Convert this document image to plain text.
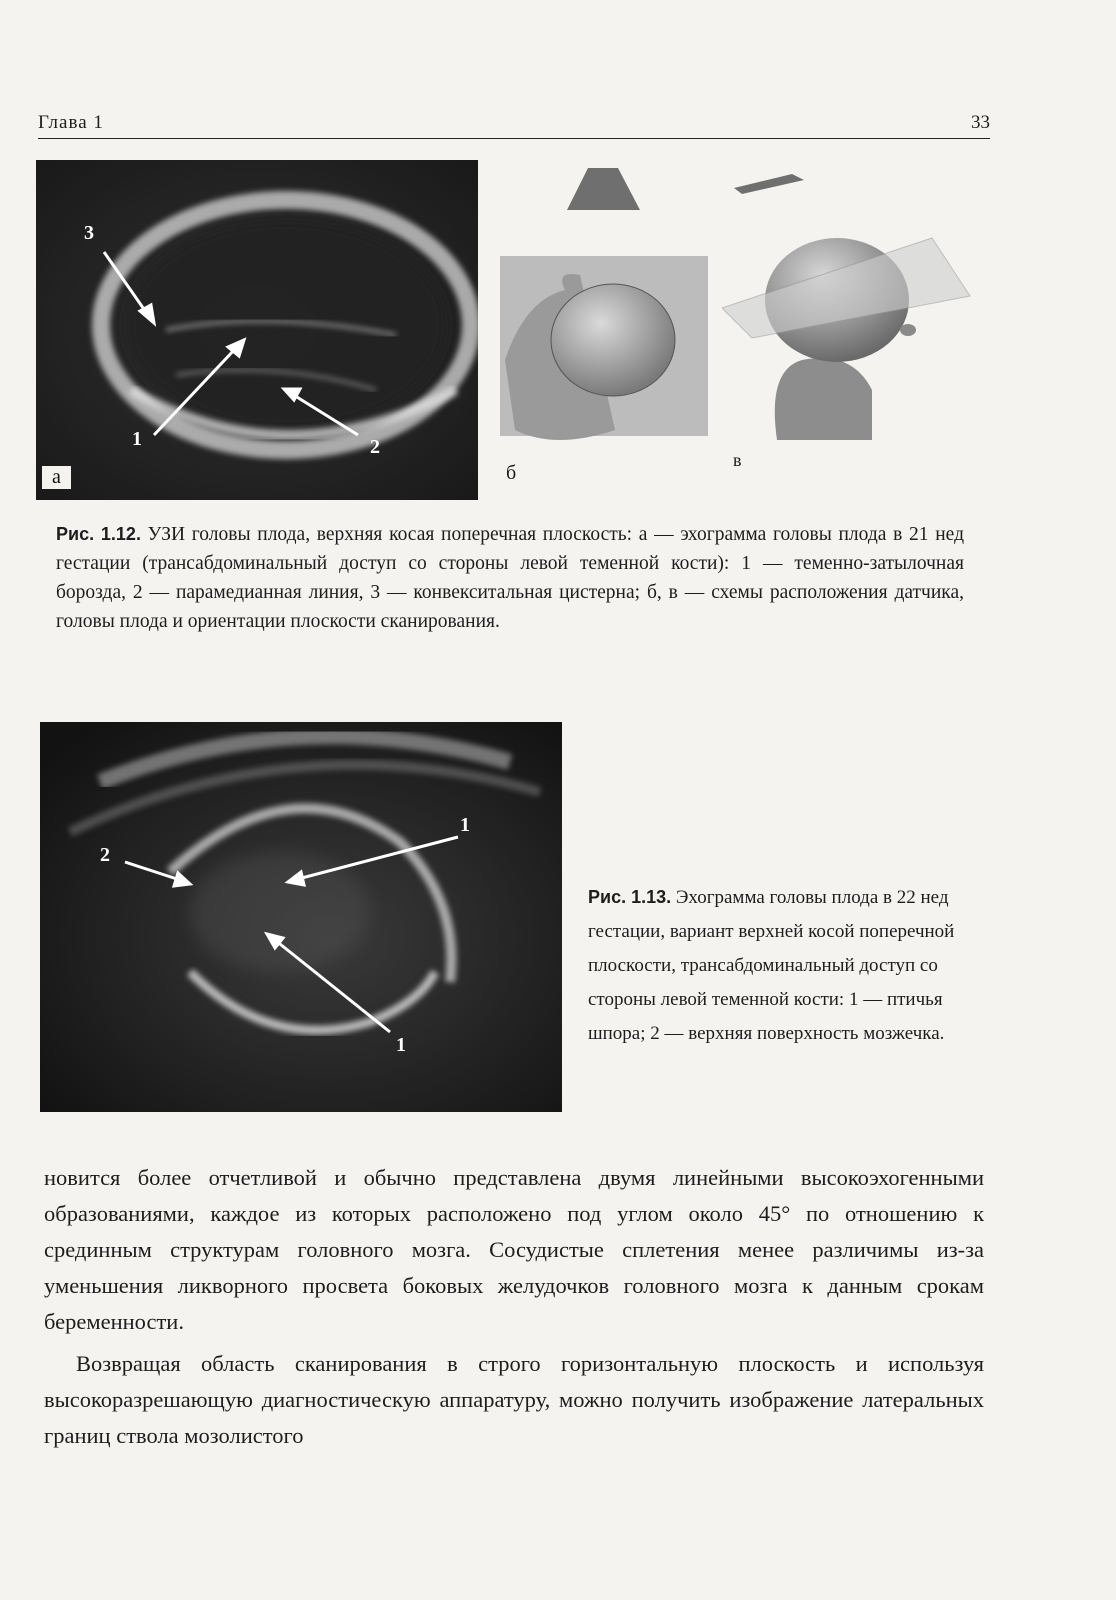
Глава 1	33
3
1	2
а	б
в
Рис. 1.12. УЗИ головы плода, верхняя косая поперечная плоскость: а — эхограмма головы плода в 21 нед гестации (трансабдоминальный доступ со стороны левой теменной кости): 1 — теменно-затылочная борозда, 2 — парамедианная линия, 3 — конвекситальная цистерна; б, в — схемы расположения датчика, головы плода и ориентации плоскости сканирования.
2
1
1
Рис. 1.13. Эхограмма головы плода в 22 нед гестации, вариант верхней косой поперечной плоскости, трансабдоминальный доступ со стороны левой теменной кости: 1 — птичья шпора; 2 — верхняя поверхность мозжечка.

новится более отчетливой и обычно представлена двумя линейными высокоэхогенными образованиями, каждое из которых расположено под углом около 45° по отношению к срединным структурам головного мозга. Сосудистые сплетения менее различимы из-за уменьшения ликворного просвета боковых желудочков головного мозга к данным срокам беременности.

Возвращая область сканирования в строго горизонтальную плоскость и используя высокоразрешающую диагностическую аппаратуру, можно получить изображение латеральных границ ствола мозолистого
